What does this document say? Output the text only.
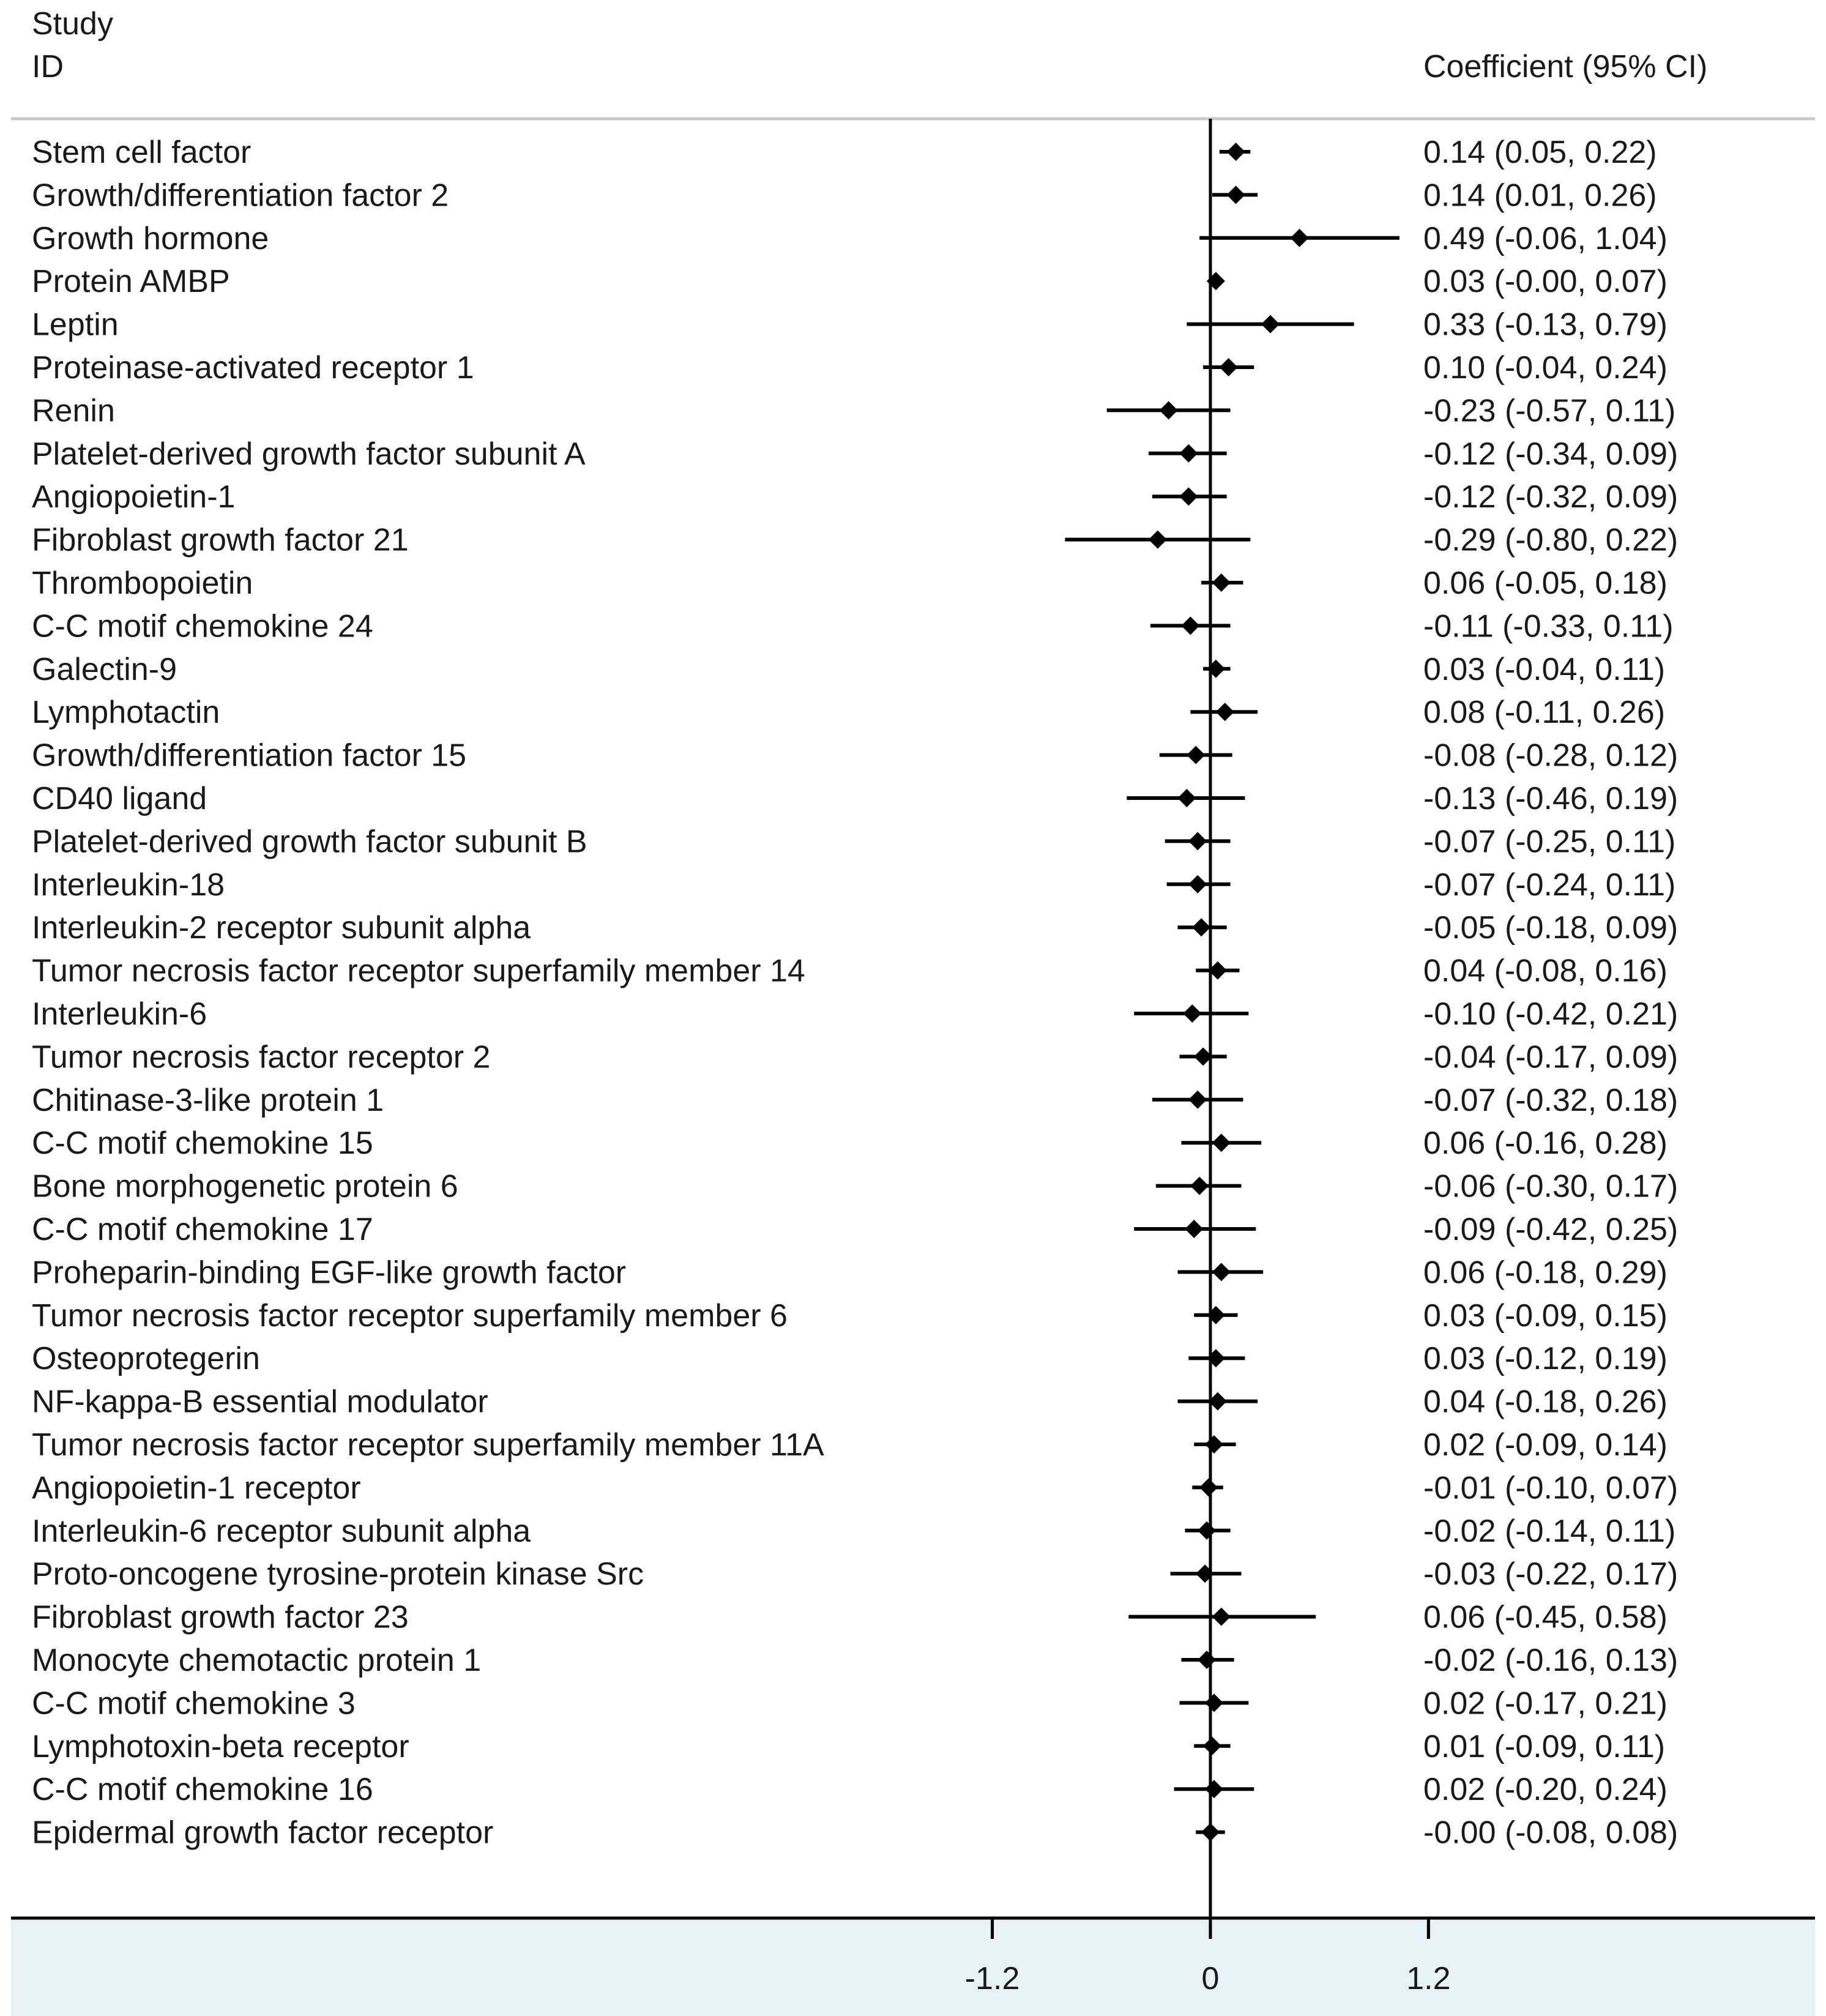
Study
ID	Coefficient (95% CI)
Stem cell factor	0.14 (0.05, 0.22)
Growth/differentiation factor 2	0.14 (0.01, 0.26)
Growth hormone	0.49 (-0.06, 1.04)
Protein AMBP	0.03 (-0.00, 0.07)
Leptin	0.33 (-0.13, 0.79)
Proteinase-activated receptor 1	0.10 (-0.04, 0.24)
Renin	-0.23 (-0.57, 0.11)
Platelet-derived growth factor subunit A	-0.12 (-0.34, 0.09)
Angiopoietin-1	-0.12 (-0.32, 0.09)
Fibroblast growth factor 21	-0.29 (-0.80, 0.22)
Thrombopoietin	0.06 (-0.05, 0.18)
C-C motif chemokine 24	-0.11 (-0.33, 0.11)
Galectin-9	0.03 (-0.04, 0.11)
Lymphotactin	0.08 (-0.11, 0.26)
Growth/differentiation factor 15	-0.08 (-0.28, 0.12)
CD40 ligand	-0.13 (-0.46, 0.19)
Platelet-derived growth factor subunit B	-0.07 (-0.25, 0.11)
Interleukin-18	-0.07 (-0.24, 0.11)
Interleukin-2 receptor subunit alpha	-0.05 (-0.18, 0.09)
Tumor necrosis factor receptor superfamily member 14	0.04 (-0.08, 0.16)
Interleukin-6	-0.10 (-0.42, 0.21)
Tumor necrosis factor receptor 2	-0.04 (-0.17, 0.09)
Chitinase-3-like protein 1	-0.07 (-0.32, 0.18)
C-C motif chemokine 15	0.06 (-0.16, 0.28)
Bone morphogenetic protein 6	-0.06 (-0.30, 0.17)
C-C motif chemokine 17	-0.09 (-0.42, 0.25)
Proheparin-binding EGF-like growth factor	0.06 (-0.18, 0.29)
Tumor necrosis factor receptor superfamily member 6	0.03 (-0.09, 0.15)
Osteoprotegerin	0.03 (-0.12, 0.19)
NF-kappa-B essential modulator	0.04 (-0.18, 0.26)
Tumor necrosis factor receptor superfamily member 11A	0.02 (-0.09, 0.14)
Angiopoietin-1 receptor	-0.01 (-0.10, 0.07)
Interleukin-6 receptor subunit alpha	-0.02 (-0.14, 0.11)
Proto-oncogene tyrosine-protein kinase Src	-0.03 (-0.22, 0.17)
Fibroblast growth factor 23	0.06 (-0.45, 0.58)
Monocyte chemotactic protein 1	-0.02 (-0.16, 0.13)
C-C motif chemokine 3	0.02 (-0.17, 0.21)
Lymphotoxin-beta receptor	0.01 (-0.09, 0.11)
C-C motif chemokine 16	0.02 (-0.20, 0.24)
Epidermal growth factor receptor	-0.00 (-0.08, 0.08)
-1.2	0	1.2
